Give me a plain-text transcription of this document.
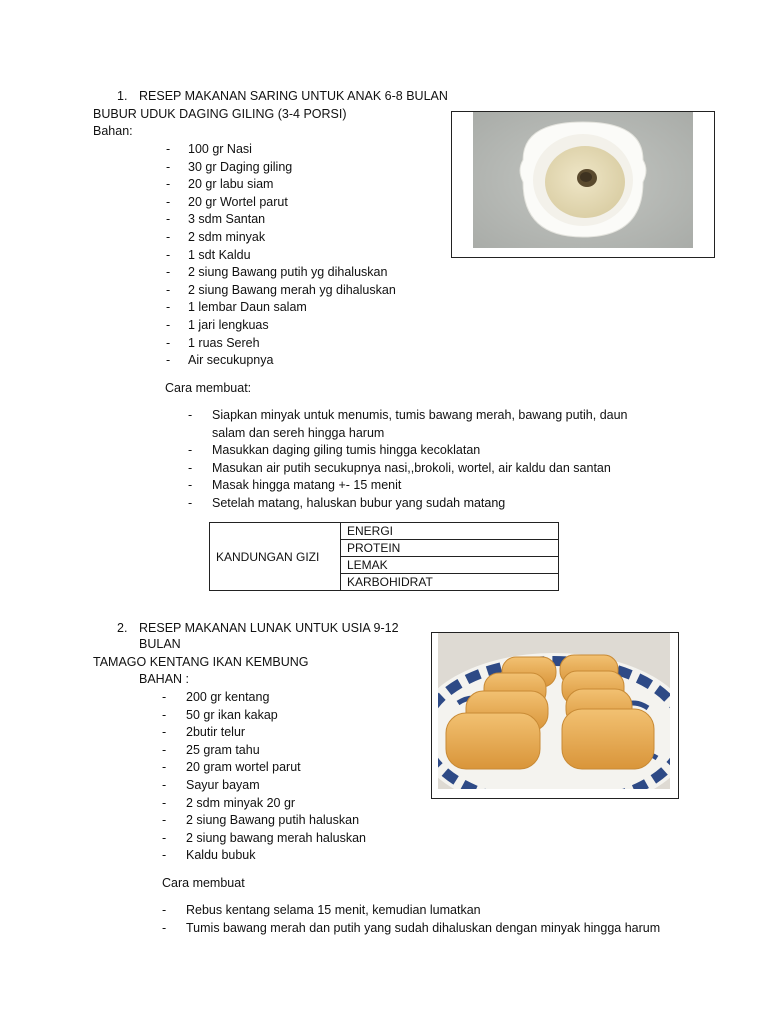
1. RESEP MAKANAN SARING UNTUK ANAK 6-8 BULAN
BUBUR UDUK DAGING GILING (3-4 PORSI)
Bahan:
- 100 gr Nasi
- 30 gr Daging giling
- 20 gr labu siam
- 20 gr Wortel parut
- 3 sdm Santan
- 2 sdm minyak
- 1 sdt Kaldu
- 2 siung Bawang putih yg dihaluskan
- 2 siung Bawang merah yg dihaluskan
- 1 lembar Daun salam
- 1 jari lengkuas
- 1 ruas Sereh
- Air secukupnya
Cara membuat:
- Siapkan minyak untuk menumis, tumis bawang merah, bawang putih, daun
salam dan sereh hingga harum
- Masukkan daging giling tumis hingga kecoklatan
- Masukan air putih secukupnya nasi,,brokoli, wortel, air kaldu dan santan
- Masak hingga matang +- 15 menit
- Setelah matang, haluskan bubur yang sudah matang
KANDUNGAN GIZI	ENERGI
PROTEIN
LEMAK
KARBOHIDRAT
2. RESEP MAKANAN LUNAK UNTUK USIA 9-12
BULAN
TAMAGO KENTANG IKAN KEMBUNG
BAHAN :
- 200 gr kentang
- 50 gr ikan kakap
- 2butir telur
- 25 gram tahu
- 20 gram wortel parut
- Sayur bayam
- 2 sdm minyak 20 gr
- 2 siung Bawang putih haluskan
- 2 siung bawang merah haluskan
- Kaldu bubuk
Cara membuat
- Rebus kentang selama 15 menit, kemudian lumatkan
- Tumis bawang merah dan putih yang sudah dihaluskan dengan minyak hingga harum
